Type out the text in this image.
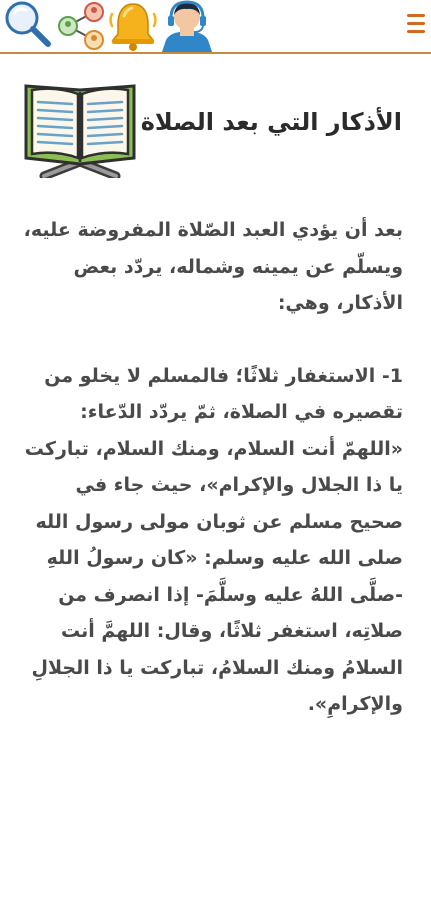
الأذكار التي بعد الصلاة

بعد أن يؤدي العبد الصّلاة المفروضة عليه، ويسلّم عن يمينه وشماله، يردّد بعض الأذكار، وهي:

1- الاستغفار ثلاثًا؛ فالمسلم لا يخلو من تقصيره في الصلاة، ثمّ يردّد الدّعاء: «اللهمّ أنت السلام، ومنك السلام، تباركت يا ذا الجلال والإكرام»، حيث جاء في صحيح مسلم عن ثوبان مولى رسول الله صلى الله عليه وسلم: «كان رسولُ اللهِ -صلَّى اللهُ عليه وسلَّمَ- إذا انصرف من صلاتِه، استغفر ثلاثًا، وقال: اللهمَّ أنت السلامُ ومنك السلامُ، تباركت يا ذا الجلالِ والإكرامِ».
